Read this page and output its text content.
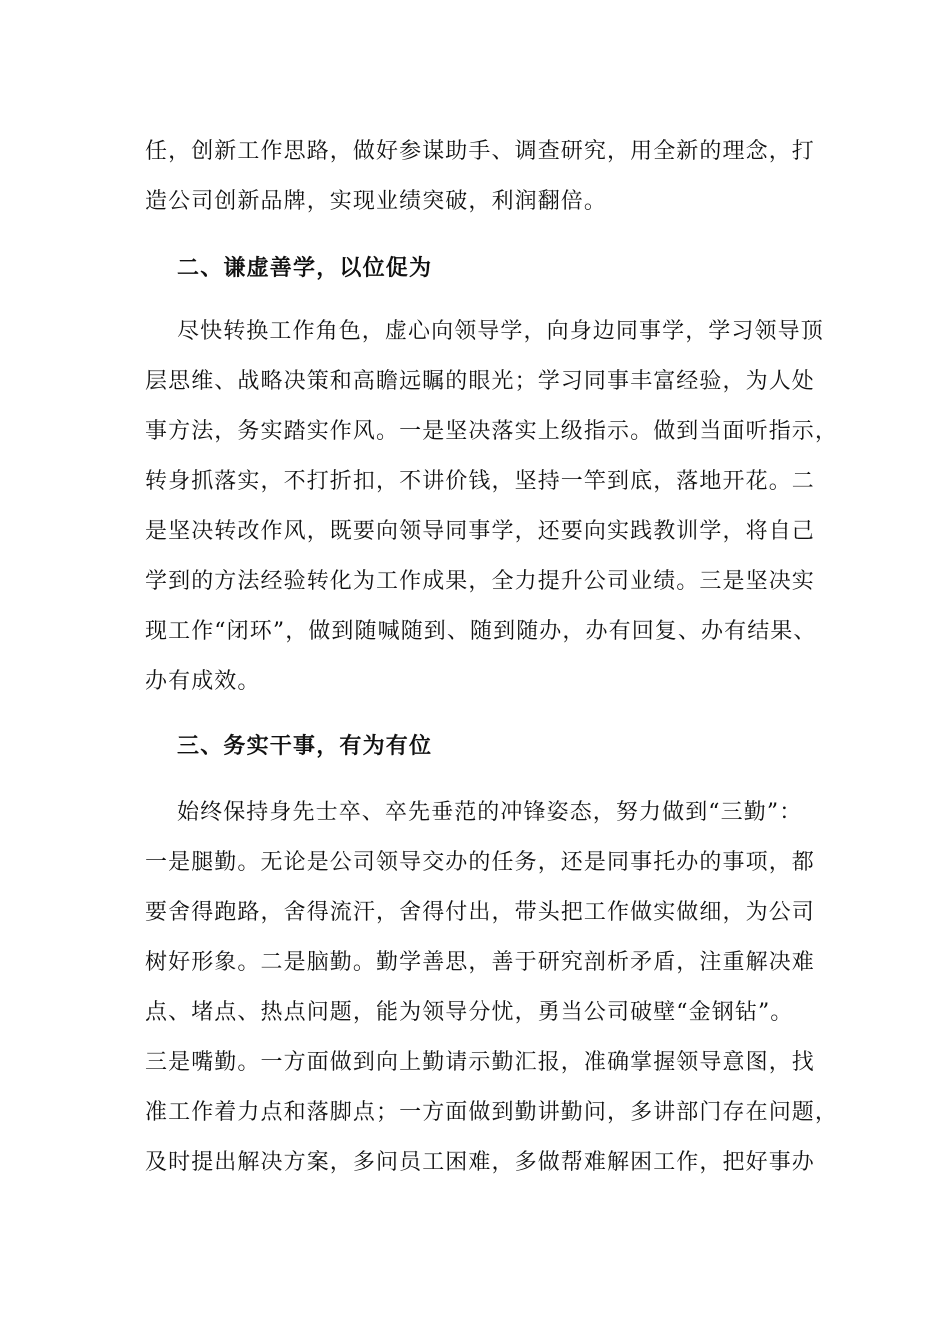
任，创新工作思路，做好参谋助手、调查研究，用全新的理念，打
造公司创新品牌，实现业绩突破，利润翻倍。
二、谦虚善学，以位促为
尽快转换工作角色，虚心向领导学，向身边同事学，学习领导顶
层思维、战略决策和高瞻远瞩的眼光；学习同事丰富经验，为人处
事方法，务实踏实作风。一是坚决落实上级指示。做到当面听指示，
转身抓落实，不打折扣，不讲价钱，坚持一竿到底，落地开花。二
是坚决转改作风，既要向领导同事学，还要向实践教训学，将自己
学到的方法经验转化为工作成果，全力提升公司业绩。三是坚决实
现工作“闭环”，做到随喊随到、随到随办，办有回复、办有结果、
办有成效。
三、务实干事，有为有位
始终保持身先士卒、卒先垂范的冲锋姿态，努力做到“三勤”：
一是腿勤。无论是公司领导交办的任务，还是同事托办的事项，都
要舍得跑路，舍得流汗，舍得付出，带头把工作做实做细，为公司
树好形象。二是脑勤。勤学善思，善于研究剖析矛盾，注重解决难
点、堵点、热点问题，能为领导分忧，勇当公司破壁“金钢钻”。
三是嘴勤。一方面做到向上勤请示勤汇报，准确掌握领导意图，找
准工作着力点和落脚点；一方面做到勤讲勤问，多讲部门存在问题，
及时提出解决方案，多问员工困难，多做帮难解困工作，把好事办
